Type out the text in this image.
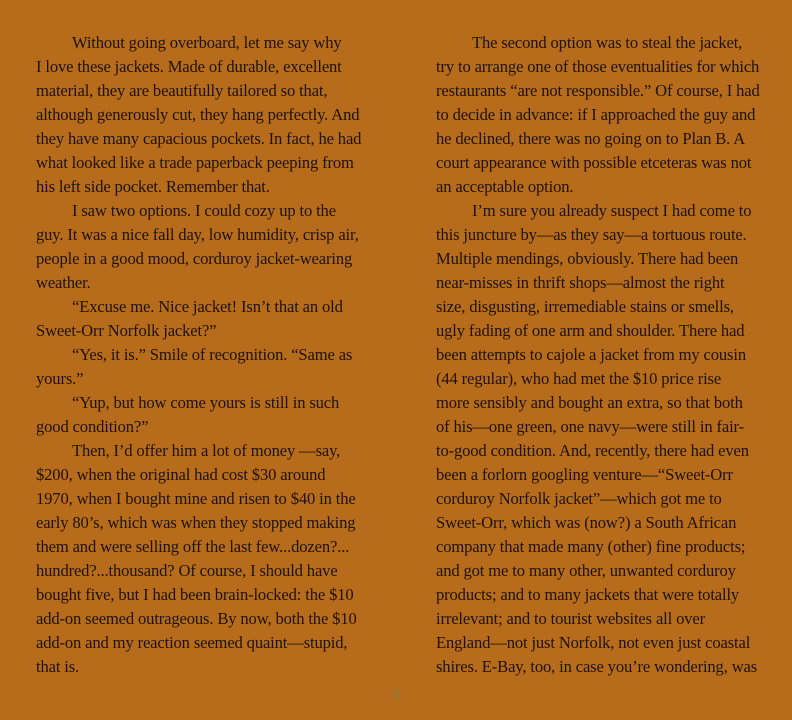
Without going overboard, let me say why
I love these jackets. Made of durable, excellent
material, they are beautifully tailored so that,
although generously cut, they hang perfectly. And
they have many capacious pockets. In fact, he had
what looked like a trade paperback peeping from
his left side pocket. Remember that.
I saw two options. I could cozy up to the
guy. It was a nice fall day, low humidity, crisp air,
people in a good mood, corduroy jacket-wearing
weather.
“Excuse me. Nice jacket! Isn’t that an old
Sweet-Orr Norfolk jacket?”
“Yes, it is.” Smile of recognition. “Same as
yours.”
“Yup, but how come yours is still in such
good condition?”
Then, I’d offer him a lot of money —say,
$200, when the original had cost $30 around
1970, when I bought mine and risen to $40 in the
early 80’s, which was when they stopped making
them and were selling off the last few...dozen?...
hundred?...thousand? Of course, I should have
bought five, but I had been brain-locked: the $10
add-on seemed outrageous. By now, both the $10
add-on and my reaction seemed quaint—stupid,
that is.
The second option was to steal the jacket,
try to arrange one of those eventualities for which
restaurants “are not responsible.” Of course, I had
to decide in advance: if I approached the guy and
he declined, there was no going on to Plan B. A
court appearance with possible etceteras was not
an acceptable option.
I’m sure you already suspect I had come to
this juncture by—as they say—a tortuous route.
Multiple mendings, obviously. There had been
near-misses in thrift shops—almost the right
size, disgusting, irremediable stains or smells,
ugly fading of one arm and shoulder. There had
been attempts to cajole a jacket from my cousin
(44 regular), who had met the $10 price rise
more sensibly and bought an extra, so that both
of his—one green, one navy—were still in fair-
to-good condition. And, recently, there had even
been a forlorn googling venture—“Sweet-Orr
corduroy Norfolk jacket”—which got me to
Sweet-Orr, which was (now?) a South African
company that made many (other) fine products;
and got me to many other, unwanted corduroy
products; and to many jackets that were totally
irrelevant; and to tourist websites all over
England—not just Norfolk, not even just coastal
shires. E-Bay, too, in case you’re wondering, was
2
